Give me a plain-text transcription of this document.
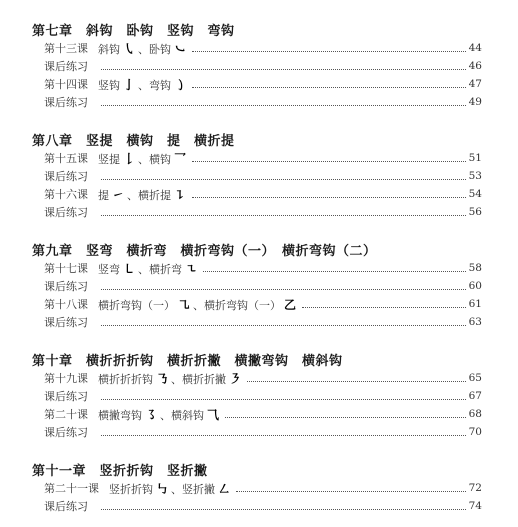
第七章　斜钩　卧钩　竖钩　弯钩
第十三课 斜钩 ㇂ 、卧钩 ㇃	44
课后练习	46
第十四课 竖钩 亅 、弯钩 ㇁	47
课后练习	49
第八章　竖提　横钩　提　横折提
第十五课 竖提 𠄌 、横钩 乛	51
课后练习	53
第十六课 提 ㇀ 、横折提 ㇊	54
课后练习	56
第九章　竖弯　横折弯　横折弯钩（一）　横折弯钩（二）
第十七课 竖弯 ㇄ 、横折弯 ㇍	58
课后练习	60
第十八课 横折弯钩（一） ㇈ 、横折弯钩（一） 乙	61
课后练习	63
第十章　横折折折钩　横折折撇　横撇弯钩　横斜钩
第十九课 横折折折钩 ㇡ 、横折折撇 ㇋	65
课后练习	67
第二十课 横撇弯钩 ㇌ 、横斜钩 ⺄	68
课后练习	70
第十一章　竖折折钩　竖折撇
第二十一课 竖折折钩 ㇉ 、竖折撇 ㇜	72
课后练习	74
